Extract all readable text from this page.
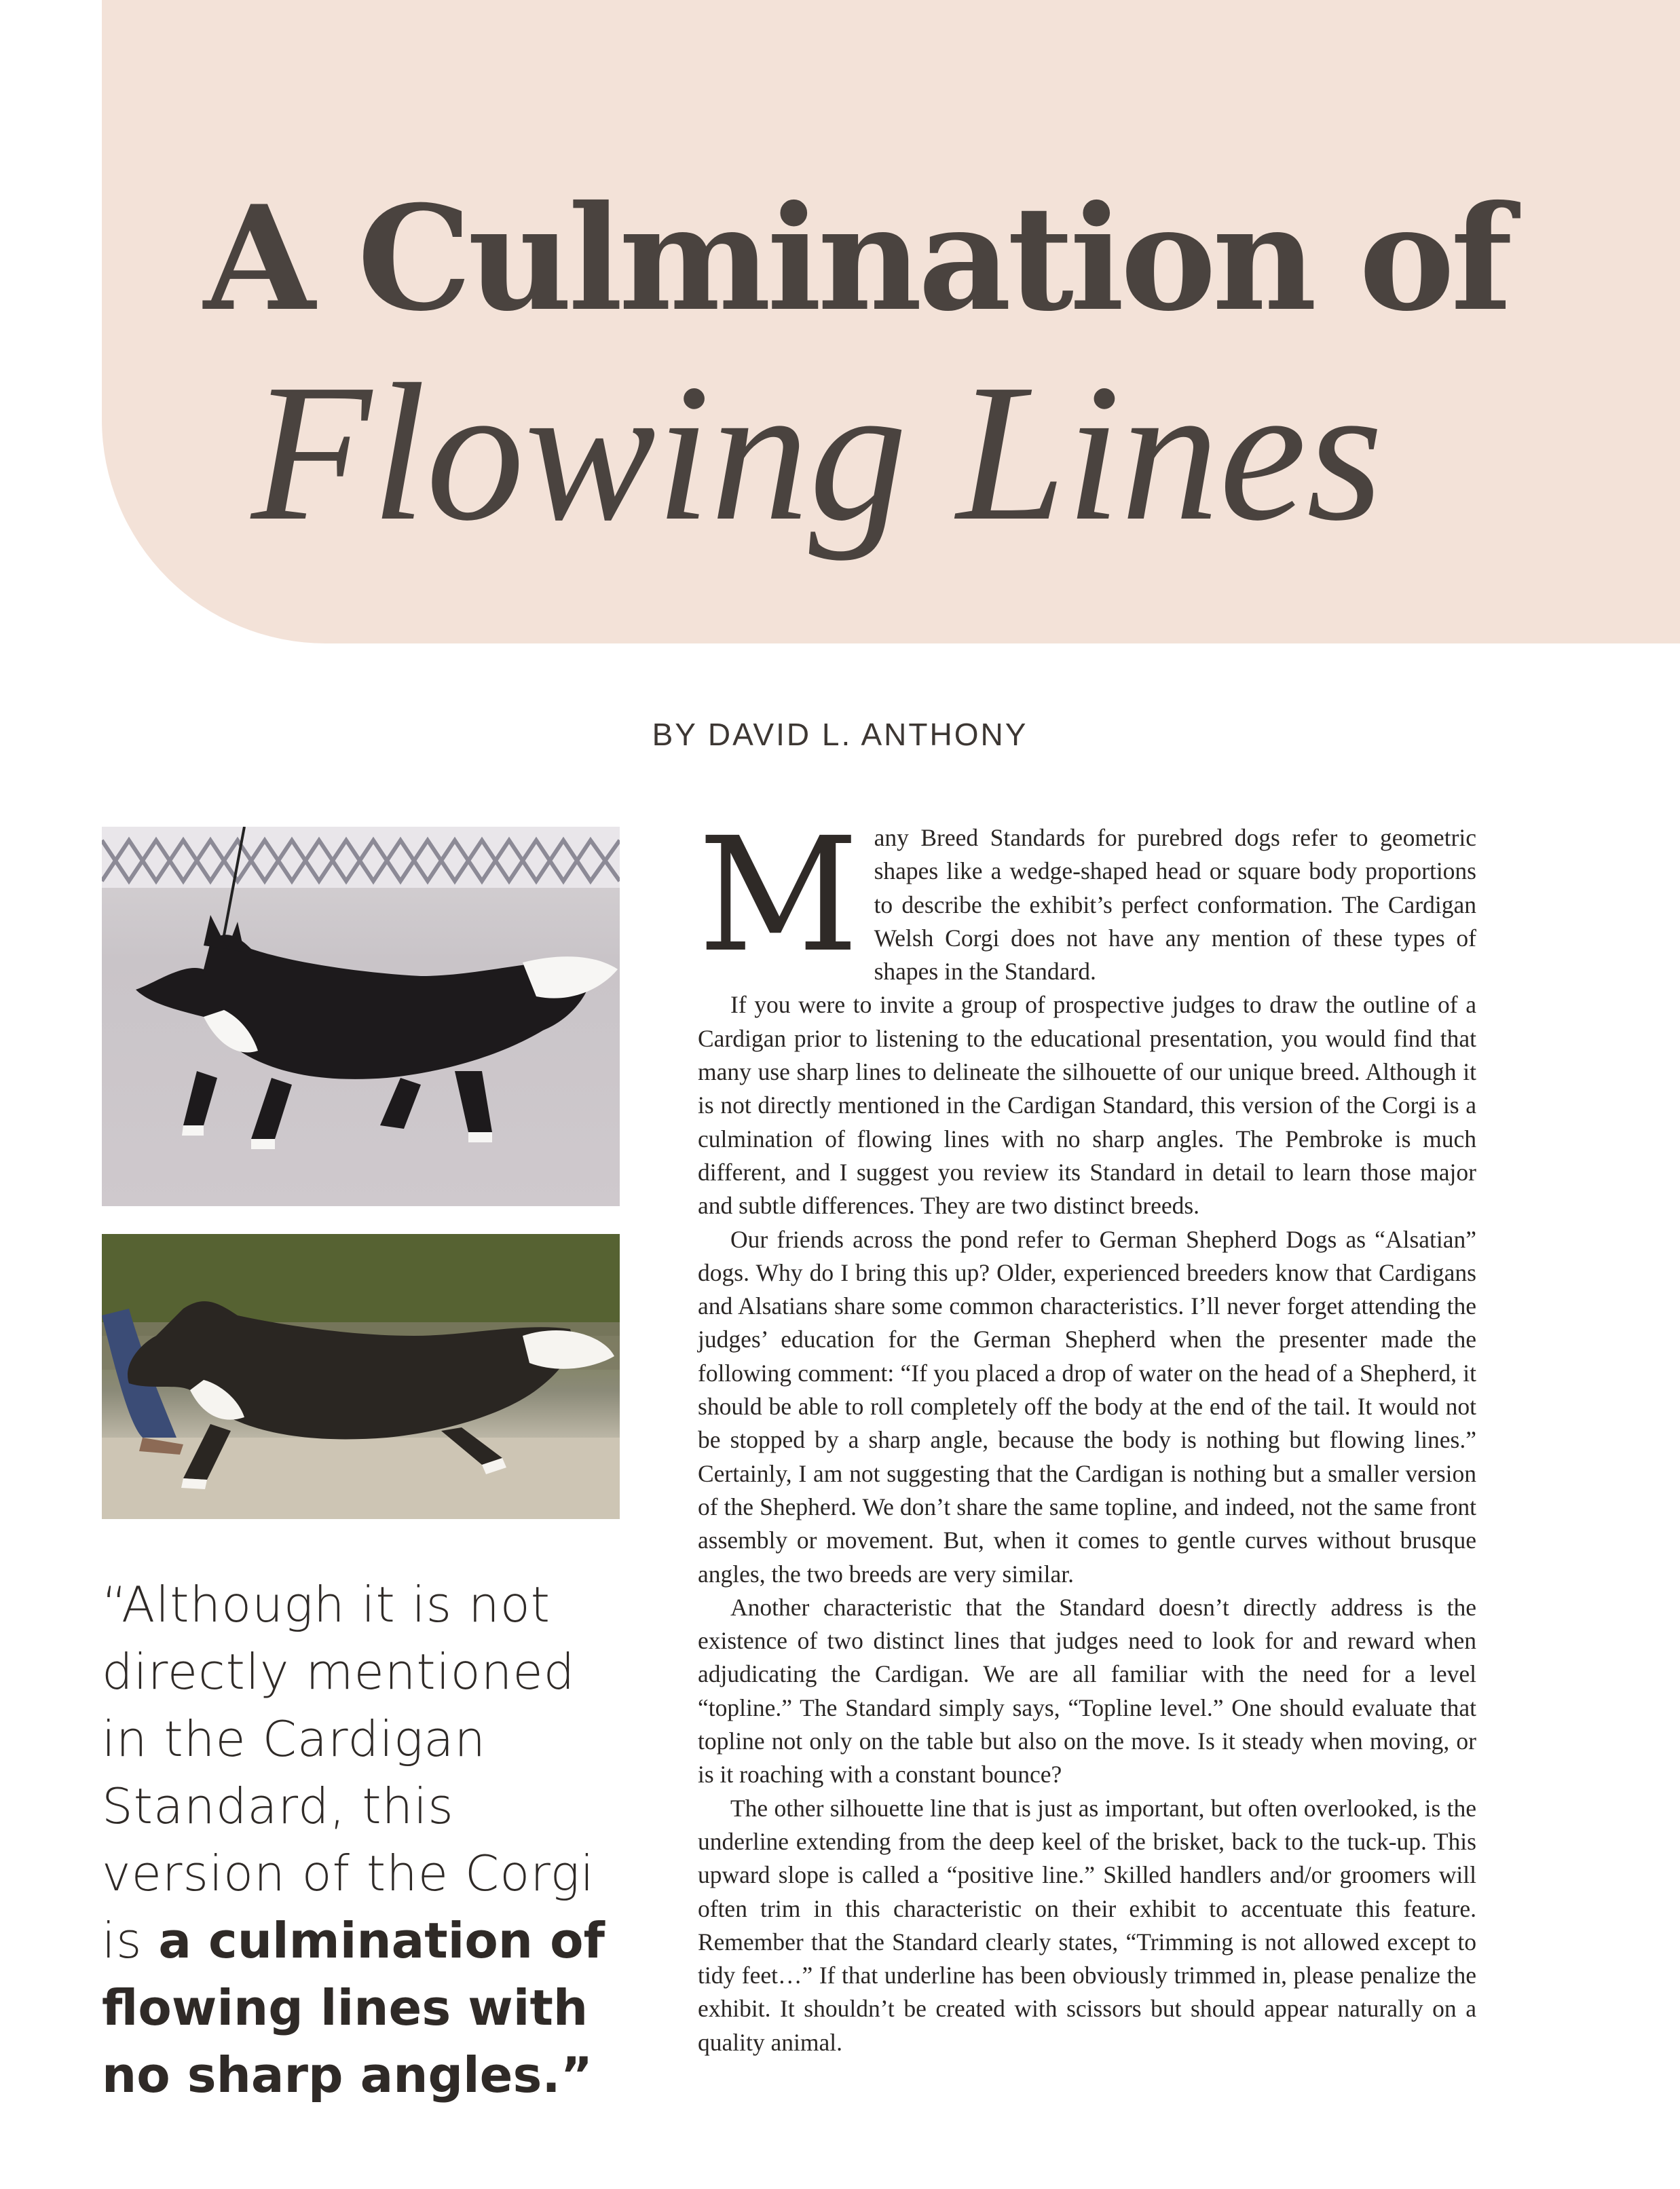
A Culmination of
Flowing Lines
BY DAVID L. ANTHONY
“Although it is not directly mentioned in the Cardigan Standard, this version of the Corgi is a culmination of flowing lines with no sharp angles.”

Many Breed Standards for purebred dogs refer to geometric shapes like a wedge-shaped head or square body proportions to describe the exhibit’s perfect conformation. The Cardigan Welsh Corgi does not have any mention of these types of shapes in the Standard.

If you were to invite a group of prospective judges to draw the outline of a Cardigan prior to listening to the educational presentation, you would find that many use sharp lines to delineate the silhouette of our unique breed. Although it is not directly mentioned in the Cardigan Standard, this version of the Corgi is a culmination of flowing lines with no sharp angles. The Pembroke is much different, and I suggest you review its Standard in detail to learn those major and subtle differences. They are two distinct breeds.

Our friends across the pond refer to German Shepherd Dogs as “Alsatian” dogs. Why do I bring this up? Older, experienced breeders know that Cardigans and Alsatians share some common characteristics. I’ll never forget attending the judges’ education for the German Shepherd when the presenter made the following comment: “If you placed a drop of water on the head of a Shepherd, it should be able to roll completely off the body at the end of the tail. It would not be stopped by a sharp angle, because the body is nothing but flowing lines.” Certainly, I am not suggesting that the Cardigan is nothing but a smaller version of the Shepherd. We don’t share the same topline, and indeed, not the same front assembly or movement. But, when it comes to gentle curves without brusque angles, the two breeds are very similar.

Another characteristic that the Standard doesn’t directly address is the existence of two distinct lines that judges need to look for and reward when adjudicating the Cardigan. We are all familiar with the need for a level “topline.” The Standard simply says, “Topline level.” One should evaluate that topline not only on the table but also on the move. Is it steady when moving, or is it roaching with a constant bounce?

The other silhouette line that is just as important, but often overlooked, is the underline extending from the deep keel of the brisket, back to the tuck-up. This upward slope is called a “positive line.” Skilled handlers and/or groomers will often trim in this characteristic on their exhibit to accentuate this feature. Remember that the Standard clearly states, “Trimming is not allowed except to tidy feet…” If that underline has been obviously trimmed in, please penalize the exhibit. It shouldn’t be created with scissors but should appear naturally on a quality animal.
